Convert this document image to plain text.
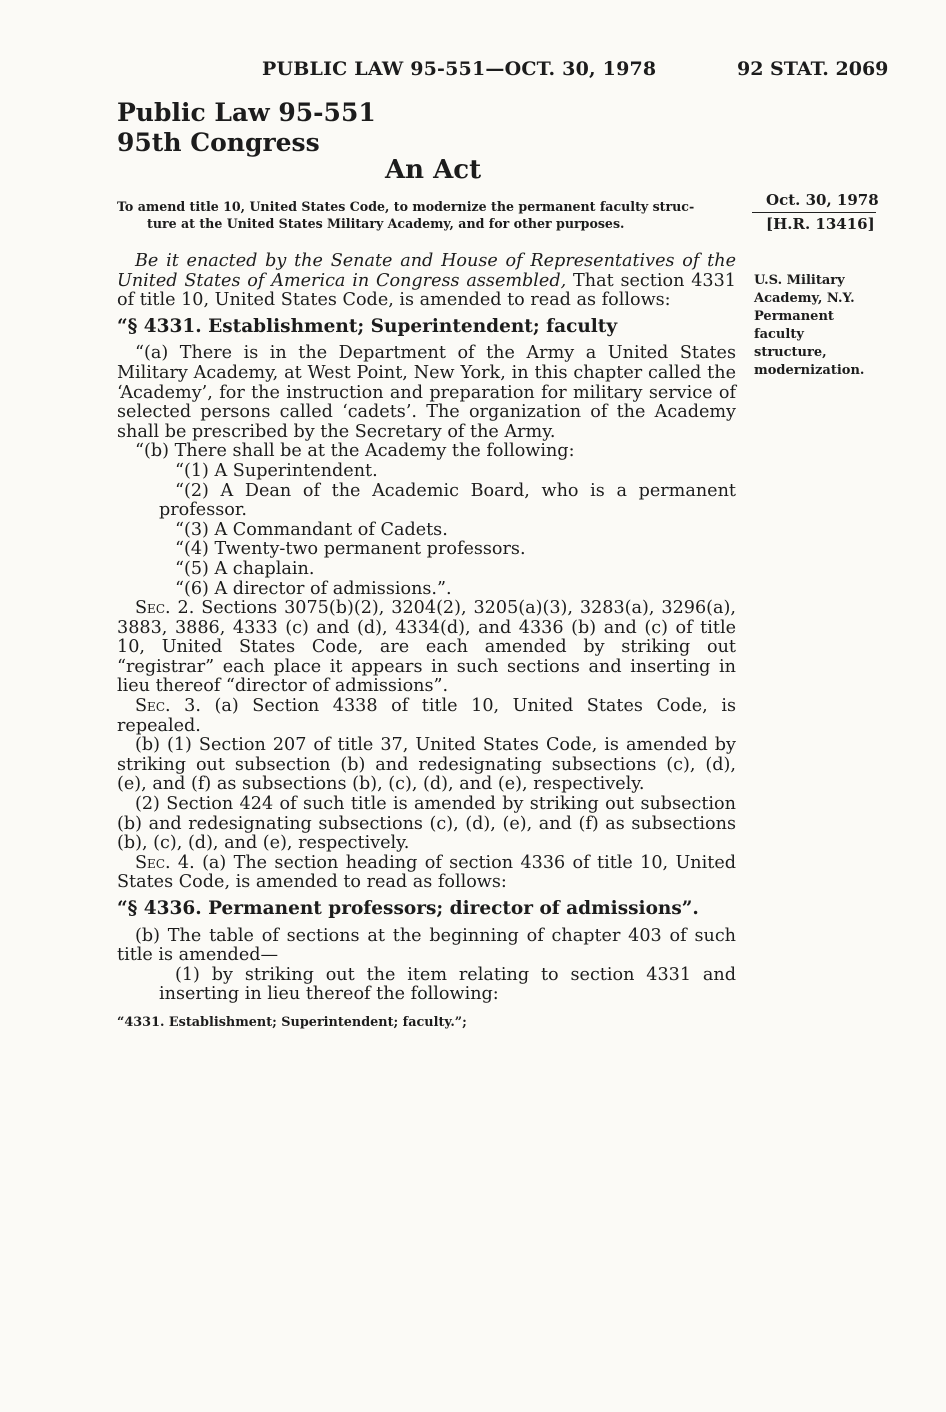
PUBLIC LAW 95-551—OCT. 30, 1978	92 STAT. 2069
Public Law 95-551
95th Congress
An Act
To amend title 10, United States Code, to modernize the permanent faculty struc-
ture at the United States Military Academy, and for other purposes.
Oct. 30, 1978
[H.R. 13416]
U.S. Military
Academy, N.Y.
Permanent
faculty
structure,
modernization.

Be it enacted by the Senate and House of Representatives of the United States of America in Congress assembled, That section 4331 of title 10, United States Code, is amended to read as follows:

“§ 4331. Establishment; Superintendent; faculty

“(a) There is in the Department of the Army a United States Military Academy, at West Point, New York, in this chapter called the ‘Academy’, for the instruction and preparation for military service of selected persons called ‘cadets’. The organization of the Academy shall be prescribed by the Secretary of the Army.

“(b) There shall be at the Academy the following:

“(1) A Superintendent.

“(2) A Dean of the Academic Board, who is a permanent professor.

“(3) A Commandant of Cadets.

“(4) Twenty-two permanent professors.

“(5) A chaplain.

“(6) A director of admissions.”.

Sec. 2. Sections 3075(b)(2), 3204(2), 3205(a)(3), 3283(a), 3296(a), 3883, 3886, 4333 (c) and (d), 4334(d), and 4336 (b) and (c) of title 10, United States Code, are each amended by striking out “registrar” each place it appears in such sections and inserting in lieu thereof “director of admissions”.

Sec. 3. (a) Section 4338 of title 10, United States Code, is repealed.

(b) (1) Section 207 of title 37, United States Code, is amended by striking out subsection (b) and redesignating subsections (c), (d), (e), and (f) as subsections (b), (c), (d), and (e), respectively.

(2) Section 424 of such title is amended by striking out subsection (b) and redesignating subsections (c), (d), (e), and (f) as subsections (b), (c), (d), and (e), respectively.

Sec. 4. (a) The section heading of section 4336 of title 10, United States Code, is amended to read as follows:

“§ 4336. Permanent professors; director of admissions”.

(b) The table of sections at the beginning of chapter 403 of such title is amended—

(1) by striking out the item relating to section 4331 and inserting in lieu thereof the following:

“4331. Establishment; Superintendent; faculty.”;
